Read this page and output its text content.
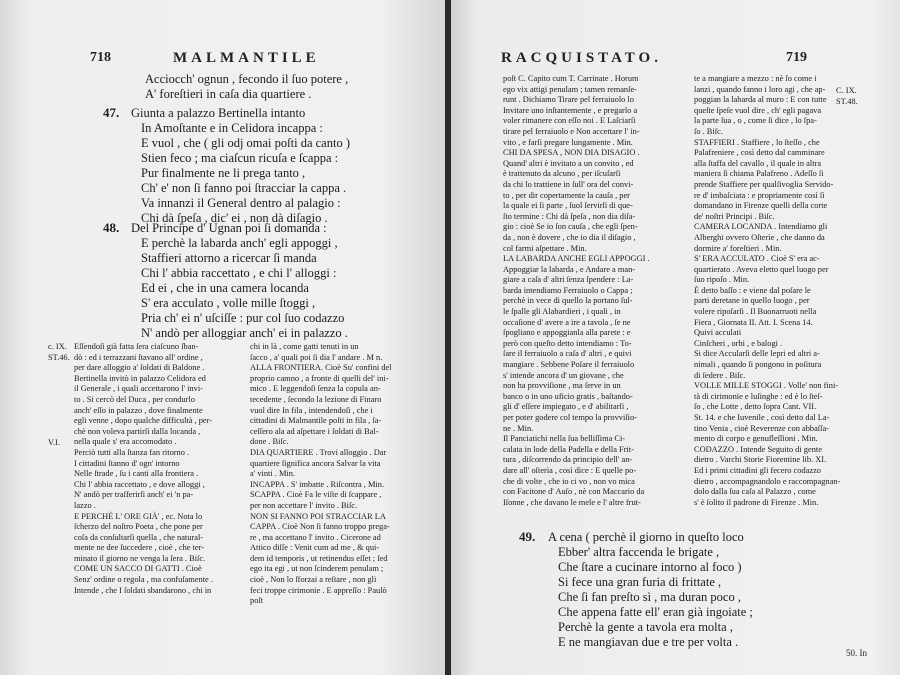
718	MALMANTILE
Acciocch' ognun , fecondo il ſuo potere ,
A' foreſtieri in caſa dia quartiere .
47. Giunta a palazzo Bertinella intanto
In Amoſtante e in Celidora incappa :
E vuol , che ( gli odj omai poſti da canto )
Stien feco ; ma ciaſcun ricuſa e ſcappa :
Pur finalmente ne li prega tanto ,
Ch' e' non ſi fanno poi ſtracciar la cappa .
Va innanzi il General dentro al palagio :
Chi dà ſpeſa , dic' ei , non dà diſagio .
48. Del Principe d' Ugnan poi ſi domanda :
E perchè la labarda anch' egli appoggi ,
Staffieri attorno a ricercar ſi manda
Chi l' abbia raccettato , e chi l' alloggi :
Ed ei , che in una camera locanda
S' era acculato , volle mille ſtoggi ,
Pria ch' ei n' uſciſſe : pur col ſuo codazzo
N' andò per alloggiar anch' ei in palazzo .

c. IX.

ST.46.

V.I.

Eſſendoſi già fatta ſera ciaſcuno ſban-

dò : ed i terrazzani ſtavano all' ordine ,

per dare alloggio a' ſoldati di Baldone .

Bertinella invitò in palazzo Celidora ed

il Generale , i quali accettarono l' invi-

to . Si cercò del Duca , per condurlo

anch' eſſo in palazzo , dove finalmente

egli venne , dopo qualche difficultà , per-

chè non voleva partirſi dalla locanda ,

nella quale s' era accomodato .

Perciò tutti alla ſtanza fan ritorno .

I cittadini ſtanno d' ogn' intorno

Nelle ſtrade , ſu i canti alla frontiera .

Chi l' abbia raccettato , e dove alloggi ,

N' andò per traſferirſi anch' ei 'n pa-

lazzo .

E PERCHÈ L' ORE GIÀ' , ec. Nota lo

ſcherzo del noſtro Poeta , che pone per

coſa da conſultarſi quella , che natural-

mente ne dee ſuccedere , cioè , che ter-

minato il giorno ne venga la ſera . Biſc.

COME UN SACCO DI GATTI . Cioè

Senz' ordine o regola , ma confuſamente .

Intende , che I ſoldati sbandarono , chi in

chi in là , come gatti tenuti in un

ſacco , a' quali poi ſi dia l' andare . M n.

ALLA FRONTIERA. Cioè Su' confini del

proprio camno , a fronte di quelli del' ini-

mico . E leggendoſi ſenza la copula an-

tecedente , ſecondo la lezione di Finaro

vuol dire In fila , intendendoſi , che i

cittadini di Malmantile poſti in fila , ſa-

ceſſero ala ad aſpettare i ſoldati di Bal-

done . Biſc.

DIA QUARTIERE . Trovi alloggio . Dar

quartiere ſignifica ancora Salvar la vita

a' vinti . Min.

INCAPPA . S' imbatte . Riſcontra , Min.

SCAPPA . Cioè Fa le viſte di ſcappare ,

per non accettare l' invito . Biſc.

NON SI FANNO POI STRACCIAR LA

CAPPA . Cioè Non ſi fanno troppo prega-

re , ma accettano l' invito . Cicerone ad

Attico diſſe : Venit cum ad me , & qui-

dem id temporis , ut retinendus eſſet ; ſed

ego ita egi , ut non ſcinderem penulam ;

cioè , Non lo ſforzai a reſtare , non gli

feci troppe cirimonie . E appreſſo : Paulò

poſt

RACQUISTATO.	719

poſt C. Capito cum T. Carrinate . Horum

ego vix attigi penulam ; tamen remanſe-

runt . Dichiamo Tirare pel ferraiuolo lo

Invitare uno inſtantemente , e pregarlo a

voler rimanere con eſſo noi . E Laſciarſi

tirare pel ferraiuolo e Non accettare l' in-

vito , e farſi pregare lungamente . Min.

CHI DA SPESA , NON DIA DISAGIO .

Quand' altri è invitato a un convito , ed

è trattenuto da alcuno , per iſcuſarſi

da chi lo trattiene in ſull' ora del convi-

to , per dir copertamente la cauſa , per

la quale ei ſi parte , ſuol ſervirſi di que-

ſto termine : Chi dà ſpeſa , non dia diſa-

gio : cioè Se io ſon cauſa , che egli ſpen-

da , non è dovere , che io dia il diſagio ,

col farmi aſpettare . Min.

LA LABARDA ANCHE EGLI APPOGGI .

Appoggiar la labarda , e Andare a man-

giare a caſa d' altri ſenza ſpendere : La-

barda intendiamo Ferraiuolo o Cappa ;

perchè in vece di quello la portano ſul-

le ſpalle gli Alabardieri , i quali , in

occaſione d' avere a ire a tavola , ſe ne

ſpogliano e appoggianla alla parete : e

però con queſto detto intendiamo : To-

ſare il ferraiuolo a caſa d' altri , e quivi

mangiare . Sebbene Poſare il ferraiuolo

s' intende ancora d' un giovane , che

non ha provviſione , ma ſerve in un

banco o in uno uficio gratis , baſtando-

gli d' eſſere impiegato , e d' abilitarſi ,

per poter godere col tempo la provviſio-

ne . Min.

Il Panciatichi nella ſua belliſſima Ci-

calata in lode della Padella e della Frit-

tura , diſcorrendo da principio dell' an-

dare all' oſterìa , così dice : E quelle po-

che di volte , che io ci vo , non vo mica

con Facitone d' Auſo , nè con Maccario da

Iſonne , che davano le mele e l' altre frut-

te a mangiare a mezzo : nè ſo come i

lanzi , quando fanno i loro agi , che ap-

poggian la labarda al muro : E con tutte

queſte ſpeſe vuol dire , ch' egli pagava

la parte ſua , o , come ſi dice , lo ſpa-

ſo . Biſc.

STAFFIERI . Staffiere , lo ſteſſo , che

Palafreniere , così detto dal camminare

alla ſtaffa del cavallo , il quale in altra

maniera ſi chiama Palafreno . Adeſſo ſi

prende Staffiere per qualſivoglia Servido-

re d' imbaſciata : e propriamente così ſi

domandano in Firenze quelli della corte

de' noſtri Principi . Biſc.

CAMERA LOCANDA . Intendiamo gli

Alberghi ovvero Oſterìe , che danno da

dormire a' foreſtieri . Min.

S' ERA ACCULATO . Cioè S' era ac-

quartierato . Aveva eletto quel luogo per

ſuo ripoſo . Min.

È detto baſſo : e viene dal poſare le

parti deretane in quello luogo , per

volere ripoſarſi . Il Buonarruoti nella

Fiera , Giornata II. Att. I. Scena 14.

Quivi acculati

Cinſcheri , orbi , e balogi .

Si dice Accularſi delle lepri ed altri a-

nimali , quando ſi pongono in poſitura

di ſedere . Biſc.

VOLLE MILLE STOGGI . Volle' non fini-

tà di cirimonie e luſinghe : ed è lo ſteſ-

ſo , che Lotte , detto ſopra Cant. VII.

St. 14. e che Iuvenile , così detto dal La-

tino Venia , cioè Reverenze con abbaſſa-

mento di corpo e genufleſſioni . Min.

CODAZZO . Intende Seguito di gente

dietro . Varchi Storie Fiorentine lib. XI.

Ed i primi cittadini gli fecero codazzo

dietro , accompagnandolo e raccompagnan-

dolo dalla ſua caſa al Palazzo , come

s' è ſolito il padrone di Firenze . Min.

C. IX.

ST.48.

49. A cena ( perchè il giorno in queſto loco
Ebber' altra faccenda le brigate ,
Che ſtare a cucinare intorno al foco )
Si fece una gran furia di frittate ,
Che ſi fan preſto sì , ma duran poco ,
Che appena fatte ell' eran già ingoiate ;
Perchè la gente a tavola era molta ,
E ne mangiavan due e tre per volta .
50. In
